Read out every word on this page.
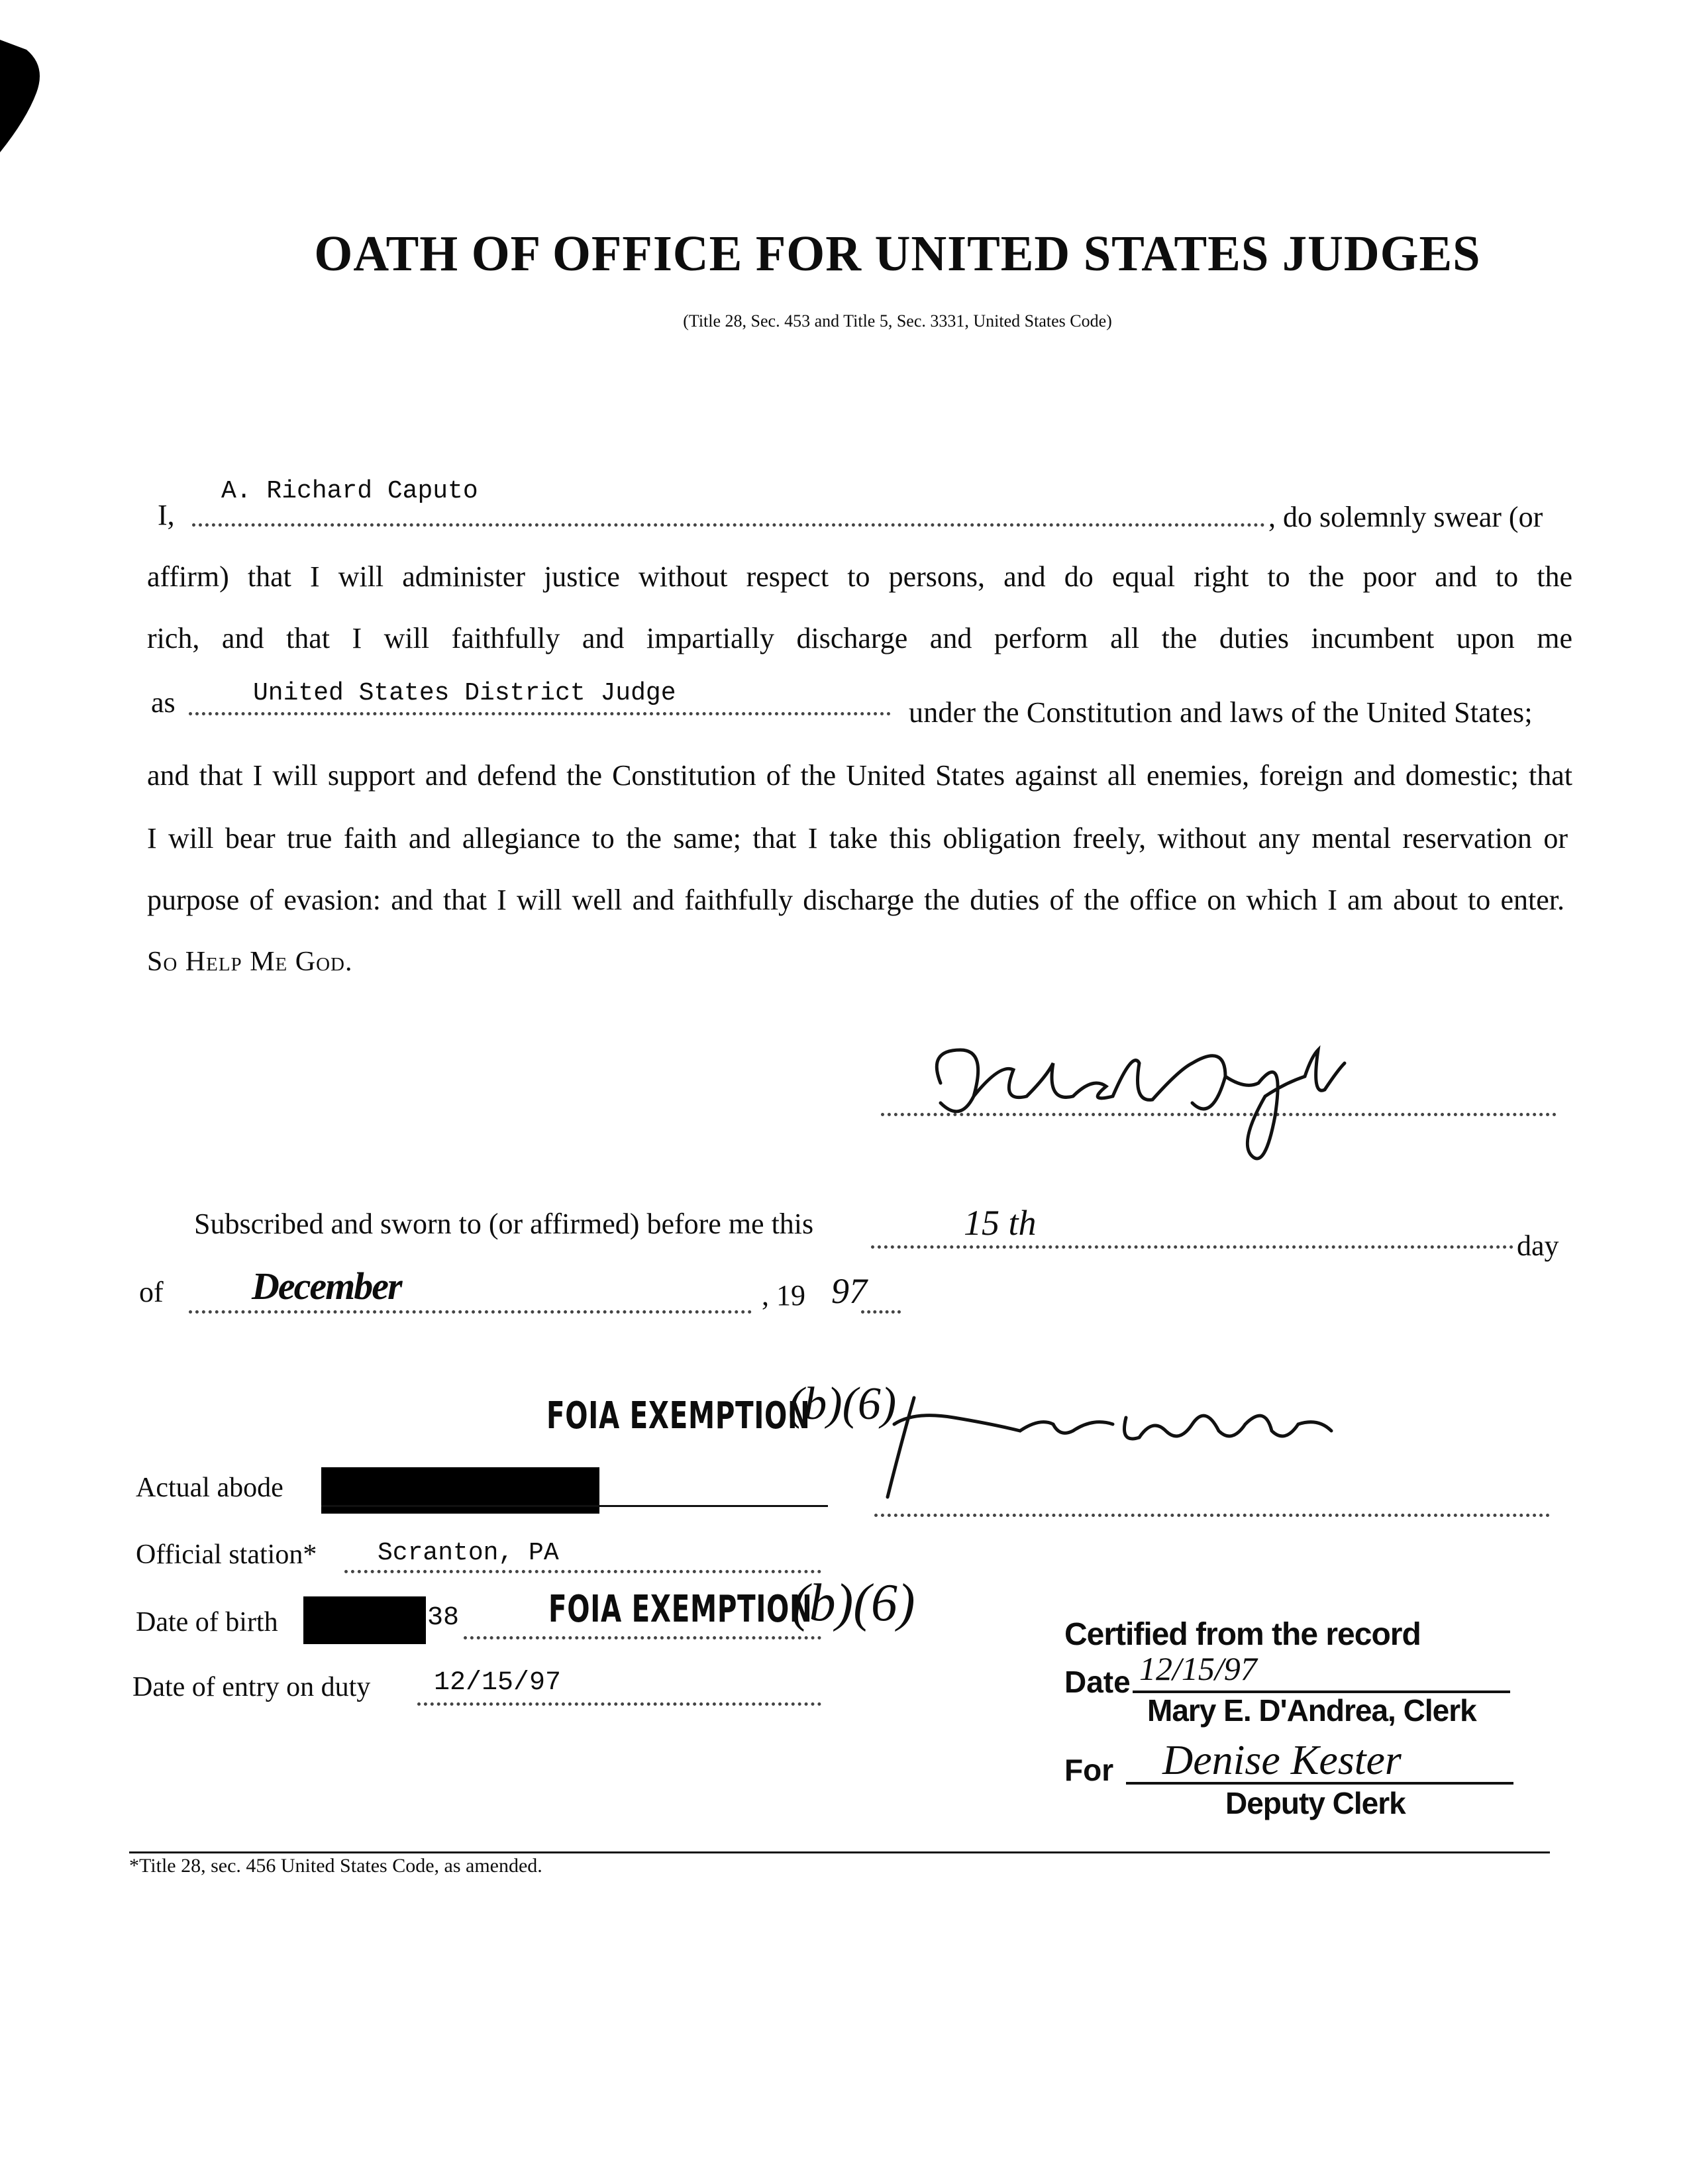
OATH OF OFFICE FOR UNITED STATES JUDGES
(Title 28, Sec. 453 and Title 5, Sec. 3331, United States Code)
I,
A. Richard Caputo
, do solemnly swear (or
affirm) that I will administer justice without respect to persons, and do equal right to the poor and to the
rich, and that I will faithfully and impartially discharge and perform all the duties incumbent upon me
as	United States District Judge
under the Constitution and laws of the United States;
and that I will support and defend the Constitution of the United States against all enemies, foreign and domestic; that
I will bear true faith and allegiance to the same; that I take this obligation freely, without any mental reservation or
purpose of evasion: and that I will well and faithfully discharge the duties of the office on which I am about to enter.
So Help Me God.
Subscribed and sworn to (or affirmed) before me this	15 th
day
of December	, 19 97
FOIA EXEMPTION
(b)(6)
Actual abode
Official station* Scranton, PA
Date of birth	38 FOIA EXEMPTION
(b)(6)
Date of entry on duty 12/15/97
Certified from the record
Date 12/15/97
Mary E. D'Andrea, Clerk
For Denise Kester
Deputy Clerk
*Title 28, sec. 456 United States Code, as amended.
